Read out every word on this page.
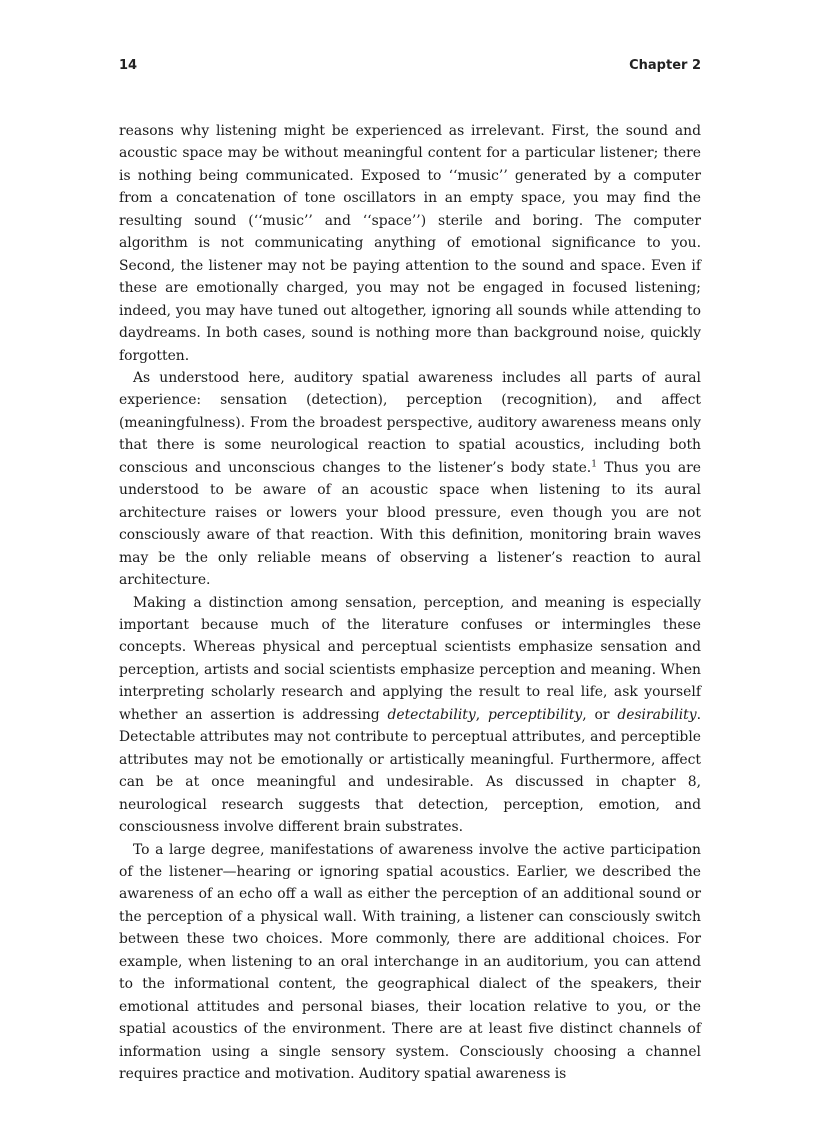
14	Chapter 2

reasons why listening might be experienced as irrelevant. First, the sound and acoustic space may be without meaningful content for a particular listener; there is nothing being communicated. Exposed to ‘‘music’’ generated by a computer from a concatenation of tone oscillators in an empty space, you may find the resulting sound (‘‘music’’ and ‘‘space’’) sterile and boring. The computer algorithm is not communicating anything of emotional significance to you. Second, the listener may not be paying attention to the sound and space. Even if these are emotionally charged, you may not be engaged in focused listening; indeed, you may have tuned out altogether, ignoring all sounds while attending to daydreams. In both cases, sound is nothing more than background noise, quickly forgotten.

As understood here, auditory spatial awareness includes all parts of aural experience: sensation (detection), perception (recognition), and affect (meaningfulness). From the broadest perspective, auditory awareness means only that there is some neurological reaction to spatial acoustics, including both conscious and unconscious changes to the listener’s body state.$^1$ Thus you are understood to be aware of an acoustic space when listening to its aural architecture raises or lowers your blood pressure, even though you are not consciously aware of that reaction. With this definition, monitoring brain waves may be the only reliable means of observing a listener’s reaction to aural architecture.

Making a distinction among sensation, perception, and meaning is especially important because much of the literature confuses or intermingles these concepts. Whereas physical and perceptual scientists emphasize sensation and perception, artists and social scientists emphasize perception and meaning. When interpreting scholarly research and applying the result to real life, ask yourself whether an assertion is addressing detectability, perceptibility, or desirability. Detectable attributes may not contribute to perceptual attributes, and perceptible attributes may not be emotionally or artistically meaningful. Furthermore, affect can be at once meaningful and undesirable. As discussed in chapter 8, neurological research suggests that detection, perception, emotion, and consciousness involve different brain substrates.

To a large degree, manifestations of awareness involve the active participation of the listener—hearing or ignoring spatial acoustics. Earlier, we described the awareness of an echo off a wall as either the perception of an additional sound or the perception of a physical wall. With training, a listener can consciously switch between these two choices. More commonly, there are additional choices. For example, when listening to an oral interchange in an auditorium, you can attend to the informational content, the geographical dialect of the speakers, their emotional attitudes and personal biases, their location relative to you, or the spatial acoustics of the environment. There are at least five distinct channels of information using a single sensory system. Consciously choosing a channel requires practice and motivation. Auditory spatial awareness is
